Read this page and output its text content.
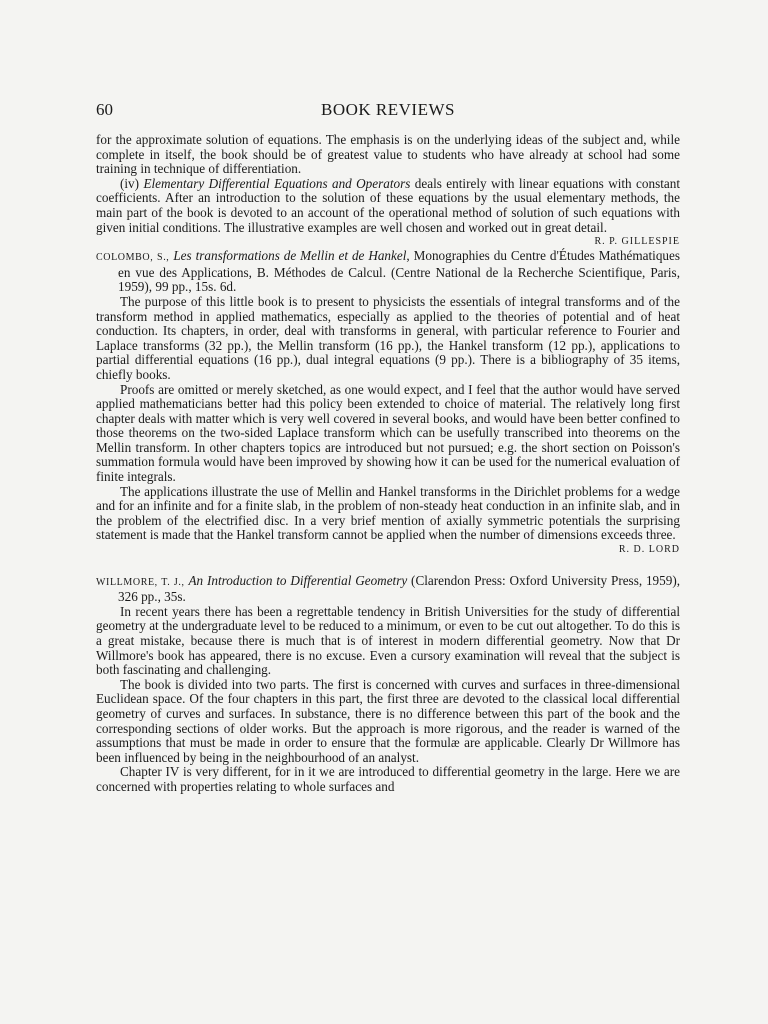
60	BOOK REVIEWS

for the approximate solution of equations. The emphasis is on the underlying ideas of the subject and, while complete in itself, the book should be of greatest value to students who have already at school had some training in technique of differentiation.

(iv) Elementary Differential Equations and Operators deals entirely with linear equations with constant coefficients. After an introduction to the solution of these equations by the usual elementary methods, the main part of the book is devoted to an account of the operational method of solution of such equations with given initial conditions. The illustrative examples are well chosen and worked out in great detail.

R. P. GILLESPIE

COLOMBO, S., Les transformations de Mellin et de Hankel, Monographies du Centre d'Études Mathématiques en vue des Applications, B. Méthodes de Calcul. (Centre National de la Recherche Scientifique, Paris, 1959), 99 pp., 15s. 6d.

The purpose of this little book is to present to physicists the essentials of integral transforms and of the transform method in applied mathematics, especially as applied to the theories of potential and of heat conduction. Its chapters, in order, deal with transforms in general, with particular reference to Fourier and Laplace transforms (32 pp.), the Mellin transform (16 pp.), the Hankel transform (12 pp.), applications to partial differential equations (16 pp.), dual integral equations (9 pp.). There is a bibliography of 35 items, chiefly books.

Proofs are omitted or merely sketched, as one would expect, and I feel that the author would have served applied mathematicians better had this policy been extended to choice of material. The relatively long first chapter deals with matter which is very well covered in several books, and would have been better confined to those theorems on the two-sided Laplace transform which can be usefully transcribed into theorems on the Mellin transform. In other chapters topics are introduced but not pursued; e.g. the short section on Poisson's summation formula would have been improved by showing how it can be used for the numerical evaluation of finite integrals.

The applications illustrate the use of Mellin and Hankel transforms in the Dirichlet problems for a wedge and for an infinite and for a finite slab, in the problem of non-steady heat conduction in an infinite slab, and in the problem of the electrified disc. In a very brief mention of axially symmetric potentials the surprising statement is made that the Hankel transform cannot be applied when the number of dimensions exceeds three.
R. D. LORD

WILLMORE, T. J., An Introduction to Differential Geometry (Clarendon Press: Oxford University Press, 1959), 326 pp., 35s.

In recent years there has been a regrettable tendency in British Universities for the study of differential geometry at the undergraduate level to be reduced to a minimum, or even to be cut out altogether. To do this is a great mistake, because there is much that is of interest in modern differential geometry. Now that Dr Willmore's book has appeared, there is no excuse. Even a cursory examination will reveal that the subject is both fascinating and challenging.

The book is divided into two parts. The first is concerned with curves and surfaces in three-dimensional Euclidean space. Of the four chapters in this part, the first three are devoted to the classical local differential geometry of curves and surfaces. In substance, there is no difference between this part of the book and the corresponding sections of older works. But the approach is more rigorous, and the reader is warned of the assumptions that must be made in order to ensure that the formulæ are applicable. Clearly Dr Willmore has been influenced by being in the neighbourhood of an analyst.

Chapter IV is very different, for in it we are introduced to differential geometry in the large. Here we are concerned with properties relating to whole surfaces and
